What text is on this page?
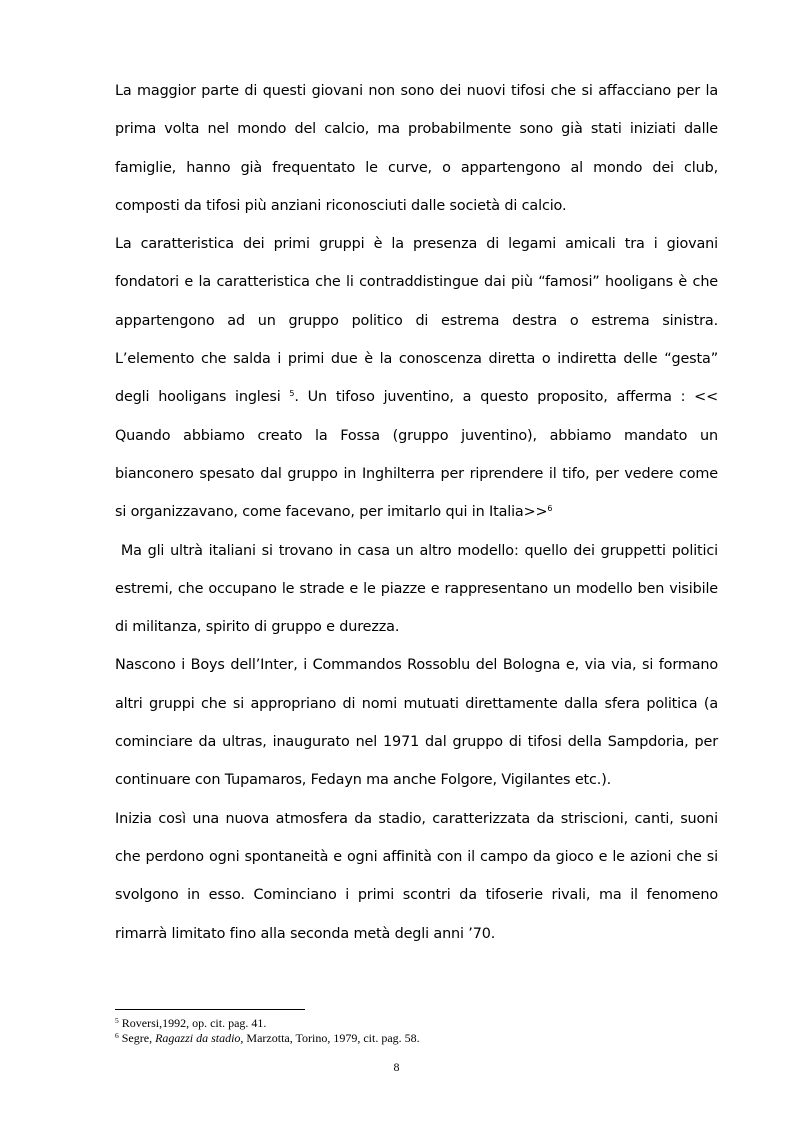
La maggior parte di questi giovani non sono dei nuovi tifosi che si affacciano per la prima volta nel mondo del calcio, ma probabilmente sono già stati iniziati dalle famiglie, hanno già frequentato le curve, o appartengono al mondo dei club, composti da tifosi più anziani riconosciuti dalle società di calcio.

La caratteristica dei primi gruppi è la presenza di legami amicali tra i giovani fondatori e la caratteristica che li contraddistingue dai più “famosi” hooligans è che appartengono ad un gruppo politico di estrema destra o estrema sinistra. L’elemento che salda i primi due è la conoscenza diretta o indiretta delle “gesta” degli hooligans inglesi $^5$. Un tifoso juventino, a questo proposito, afferma : << Quando abbiamo creato la Fossa (gruppo juventino), abbiamo mandato un bianconero spesato dal gruppo in Inghilterra per riprendere il tifo, per vedere come si organizzavano, come facevano, per imitarlo qui in Italia>>$^6$

Ma gli ultrà italiani si trovano in casa un altro modello: quello dei gruppetti politici estremi, che occupano le strade e le piazze e rappresentano un modello ben visibile di militanza, spirito di gruppo e durezza.

Nascono i Boys dell’Inter, i Commandos Rossoblu del Bologna e, via via, si formano altri gruppi che si appropriano di nomi mutuati direttamente dalla sfera politica (a cominciare da ultras, inaugurato nel 1971 dal gruppo di tifosi della Sampdoria, per continuare con Tupamaros, Fedayn ma anche Folgore, Vigilantes etc.).

Inizia così una nuova atmosfera da stadio, caratterizzata da striscioni, canti, suoni che perdono ogni spontaneità e ogni affinità con il campo da gioco e le azioni che si svolgono in esso. Cominciano i primi scontri da tifoserie rivali, ma il fenomeno rimarrà limitato fino alla seconda metà degli anni ’70.

$^5$ Roversi,1992, op. cit. pag. 41.
$^6$ Segre, Ragazzi da stadio, Marzotta, Torino, 1979, cit. pag. 58.
8
